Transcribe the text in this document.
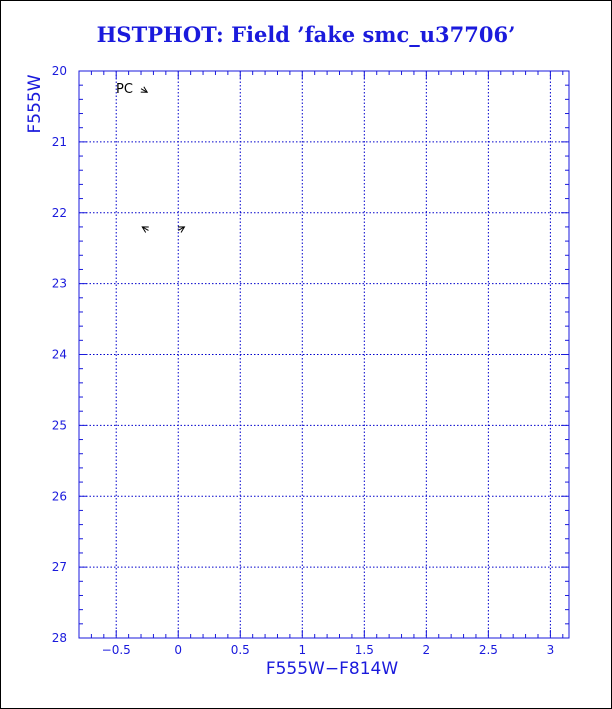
HSTPHOT: Field ’fake smc_u37706’
−0.5	0	0.5	1	1.5	2	2.5	3
20
21
22
23
24
25
26
27
28
PC
F555W−F814W
F555W
